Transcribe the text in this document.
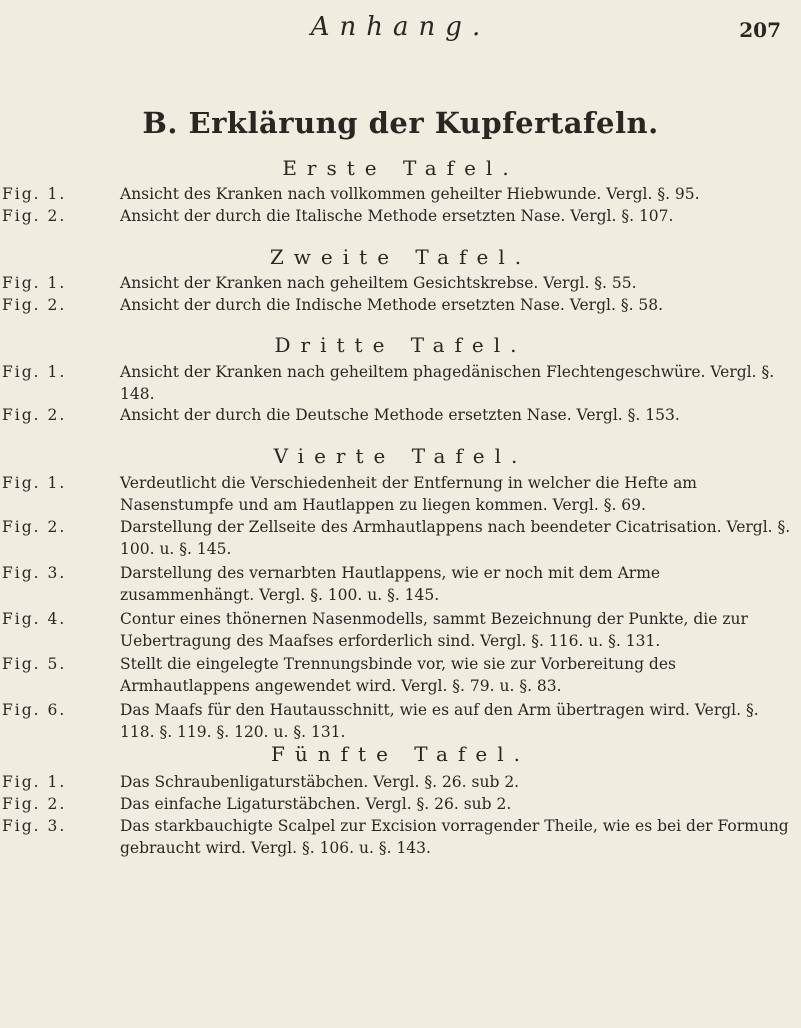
Anhang.	207
B. Erklärung der Kupfertafeln.
Erste Tafel.
Fig. 1.	Ansicht des Kranken nach vollkommen geheilter Hiebwunde. Vergl. §. 95.
Fig. 2.	Ansicht der durch die Italische Methode ersetzten Nase. Vergl. §. 107.
Zweite Tafel.
Fig. 1.	Ansicht der Kranken nach geheiltem Gesichtskrebse. Vergl. §. 55.
Fig. 2.	Ansicht der durch die Indische Methode ersetzten Nase. Vergl. §. 58.
Dritte Tafel.
Fig. 1.	Ansicht der Kranken nach geheiltem phagedänischen Flechtengeschwüre. Vergl. §. 148.
Fig. 2.	Ansicht der durch die Deutsche Methode ersetzten Nase. Vergl. §. 153.
Vierte Tafel.
Fig. 1.	Verdeutlicht die Verschiedenheit der Entfernung in welcher die Hefte am Nasenstumpfe und am Hautlappen zu liegen kommen. Vergl. §. 69.
Fig. 2.	Darstellung der Zellseite des Armhautlappens nach beendeter Cicatrisation. Vergl. §. 100. u. §. 145.
Fig. 3.	Darstellung des vernarbten Hautlappens, wie er noch mit dem Arme zusammenhängt. Vergl. §. 100. u. §. 145.
Fig. 4.	Contur eines thönernen Nasenmodells, sammt Bezeichnung der Punkte, die zur Uebertragung des Maafses erforderlich sind. Vergl. §. 116. u. §. 131.
Fig. 5.	Stellt die eingelegte Trennungsbinde vor, wie sie zur Vorbereitung des Armhautlappens angewendet wird. Vergl. §. 79. u. §. 83.
Fig. 6.	Das Maafs für den Hautausschnitt, wie es auf den Arm übertragen wird. Vergl. §. 118. §. 119. §. 120. u. §. 131.
Fünfte Tafel.
Fig. 1.	Das Schraubenligaturstäbchen. Vergl. §. 26. sub 2.
Fig. 2.	Das einfache Ligaturstäbchen. Vergl. §. 26. sub 2.
Fig. 3.	Das starkbauchigte Scalpel zur Excision vorragender Theile, wie es bei der Formung gebraucht wird. Vergl. §. 106. u. §. 143.
